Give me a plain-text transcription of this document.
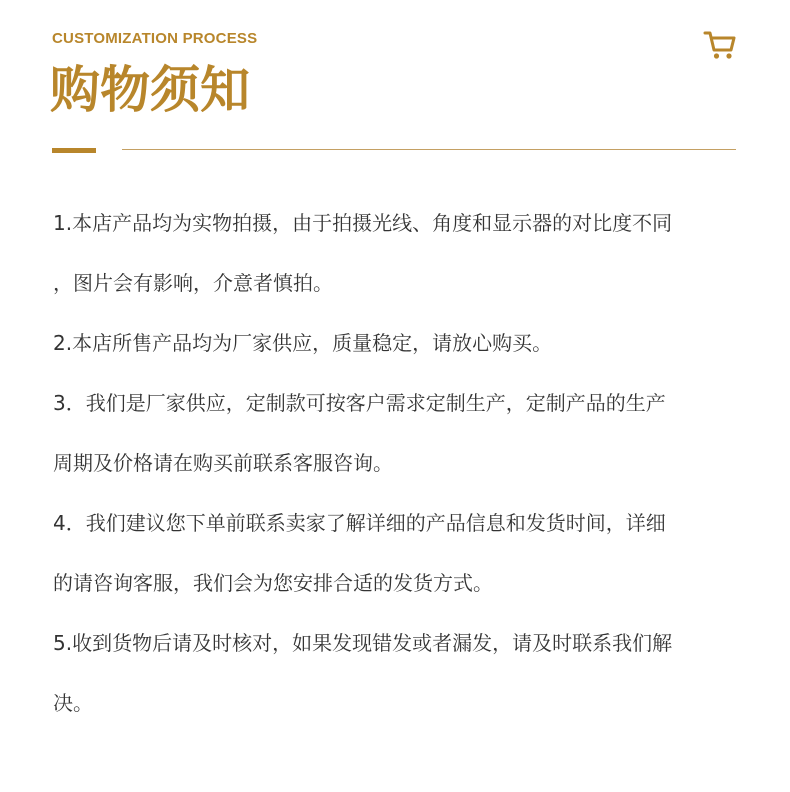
CUSTOMIZATION PROCESS
购物须知
1.本店产品均为实物拍摄，由于拍摄光线、角度和显示器的对比度不同
，图片会有影响，介意者慎拍。
2.本店所售产品均为厂家供应，质量稳定，请放心购买。
3．我们是厂家供应，定制款可按客户需求定制生产，定制产品的生产
周期及价格请在购买前联系客服咨询。
4．我们建议您下单前联系卖家了解详细的产品信息和发货时间，详细
的请咨询客服，我们会为您安排合适的发货方式。
5.收到货物后请及时核对，如果发现错发或者漏发，请及时联系我们解
决。
